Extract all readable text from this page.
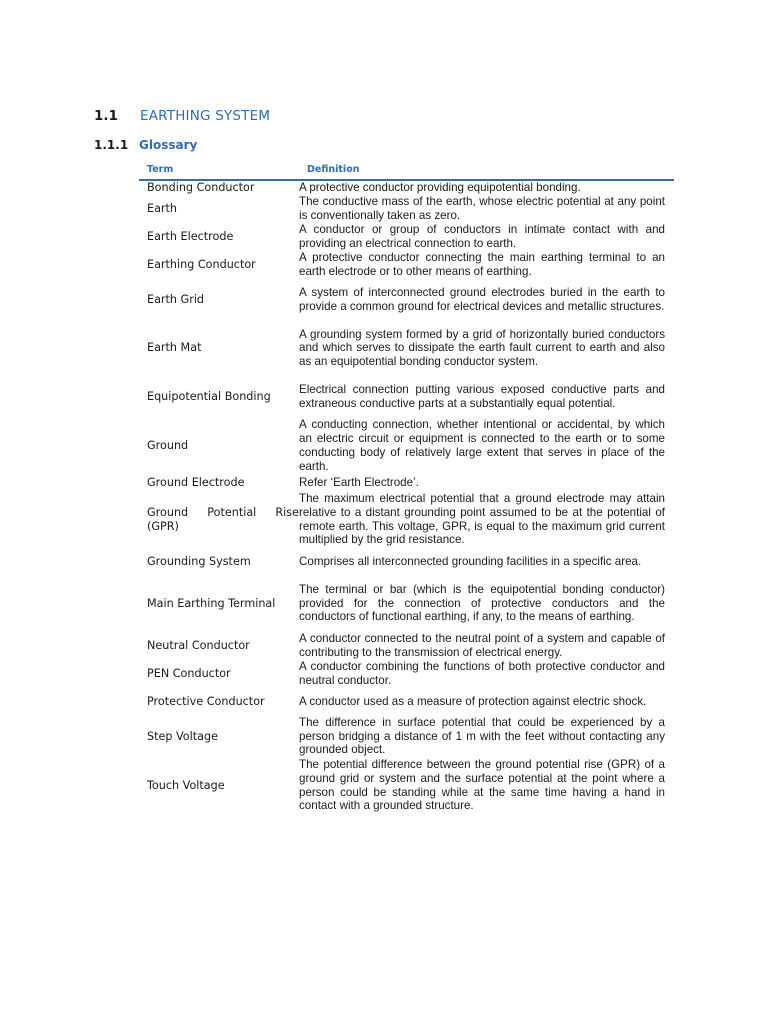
1.1 EARTHING SYSTEM
1.1.1 Glossary
Term	Definition
Bonding Conductor	A protective conductor providing equipotential bonding.
Earth	The conductive mass of the earth, whose electric potential at any point is conventionally taken as zero.
Earth Electrode	A conductor or group of conductors in intimate contact with and providing an electrical connection to earth.
Earthing Conductor	A protective conductor connecting the main earthing terminal to an earth electrode or to other means of earthing.
Earth Grid	A system of interconnected ground electrodes buried in the earth to provide a common ground for electrical devices and metallic structures.
Earth Mat	A grounding system formed by a grid of horizontally buried conductors and which serves to dissipate the earth fault current to earth and also as an equipotential bonding conductor system.
Equipotential Bonding	Electrical connection putting various exposed conductive parts and extraneous conductive parts at a substantially equal potential.
Ground	A conducting connection, whether intentional or accidental, by which an electric circuit or equipment is connected to the earth or to some conducting body of relatively large extent that serves in place of the earth.
Ground Electrode	Refer ‘Earth Electrode’.
Ground Potential Rise (GPR)	The maximum electrical potential that a ground electrode may attain relative to a distant grounding point assumed to be at the potential of remote earth. This voltage, GPR, is equal to the maximum grid current multiplied by the grid resistance.
Grounding System	Comprises all interconnected grounding facilities in a specific area.
Main Earthing Terminal	The terminal or bar (which is the equipotential bonding conductor) provided for the connection of protective conductors and the conductors of functional earthing, if any, to the means of earthing.
Neutral Conductor	A conductor connected to the neutral point of a system and capable of contributing to the transmission of electrical energy.
PEN Conductor	A conductor combining the functions of both protective conductor and neutral conductor.
Protective Conductor	A conductor used as a measure of protection against electric shock.
Step Voltage	The difference in surface potential that could be experienced by a person bridging a distance of 1 m with the feet without contacting any grounded object.
Touch Voltage	The potential difference between the ground potential rise (GPR) of a ground grid or system and the surface potential at the point where a person could be standing while at the same time having a hand in contact with a grounded structure.
